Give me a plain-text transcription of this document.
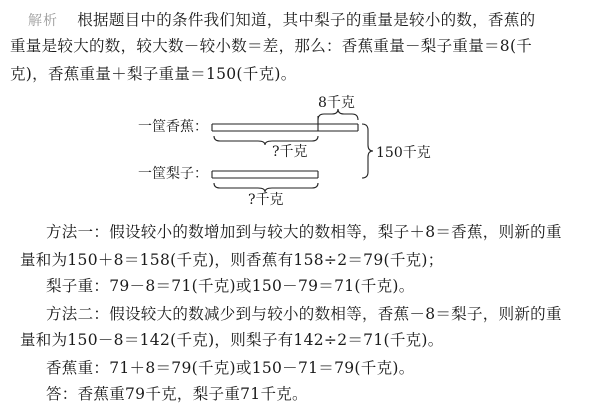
解析 根据题目中的条件我们知道，其中梨子的重量是较小的数，香蕉的
重量是较大的数，较大数－较小数＝差，那么：香蕉重量－梨子重量＝8(千
克)，香蕉重量＋梨子重量＝150(千克)。
一筐香蕉：
一筐梨子：
8千克
?千克
?千克
150千克
方法一：假设较小的数增加到与较大的数相等，梨子＋8＝香蕉，则新的重
量和为150＋8＝158(千克)，则香蕉有158÷2＝79(千克)；
梨子重：79－8＝71(千克)或150－79＝71(千克)。
方法二：假设较大的数减少到与较小的数相等，香蕉－8＝梨子，则新的重
量和为150－8＝142(千克)，则梨子有142÷2＝71(千克)。
香蕉重：71＋8＝79(千克)或150－71＝79(千克)。
答：香蕉重79千克，梨子重71千克。
